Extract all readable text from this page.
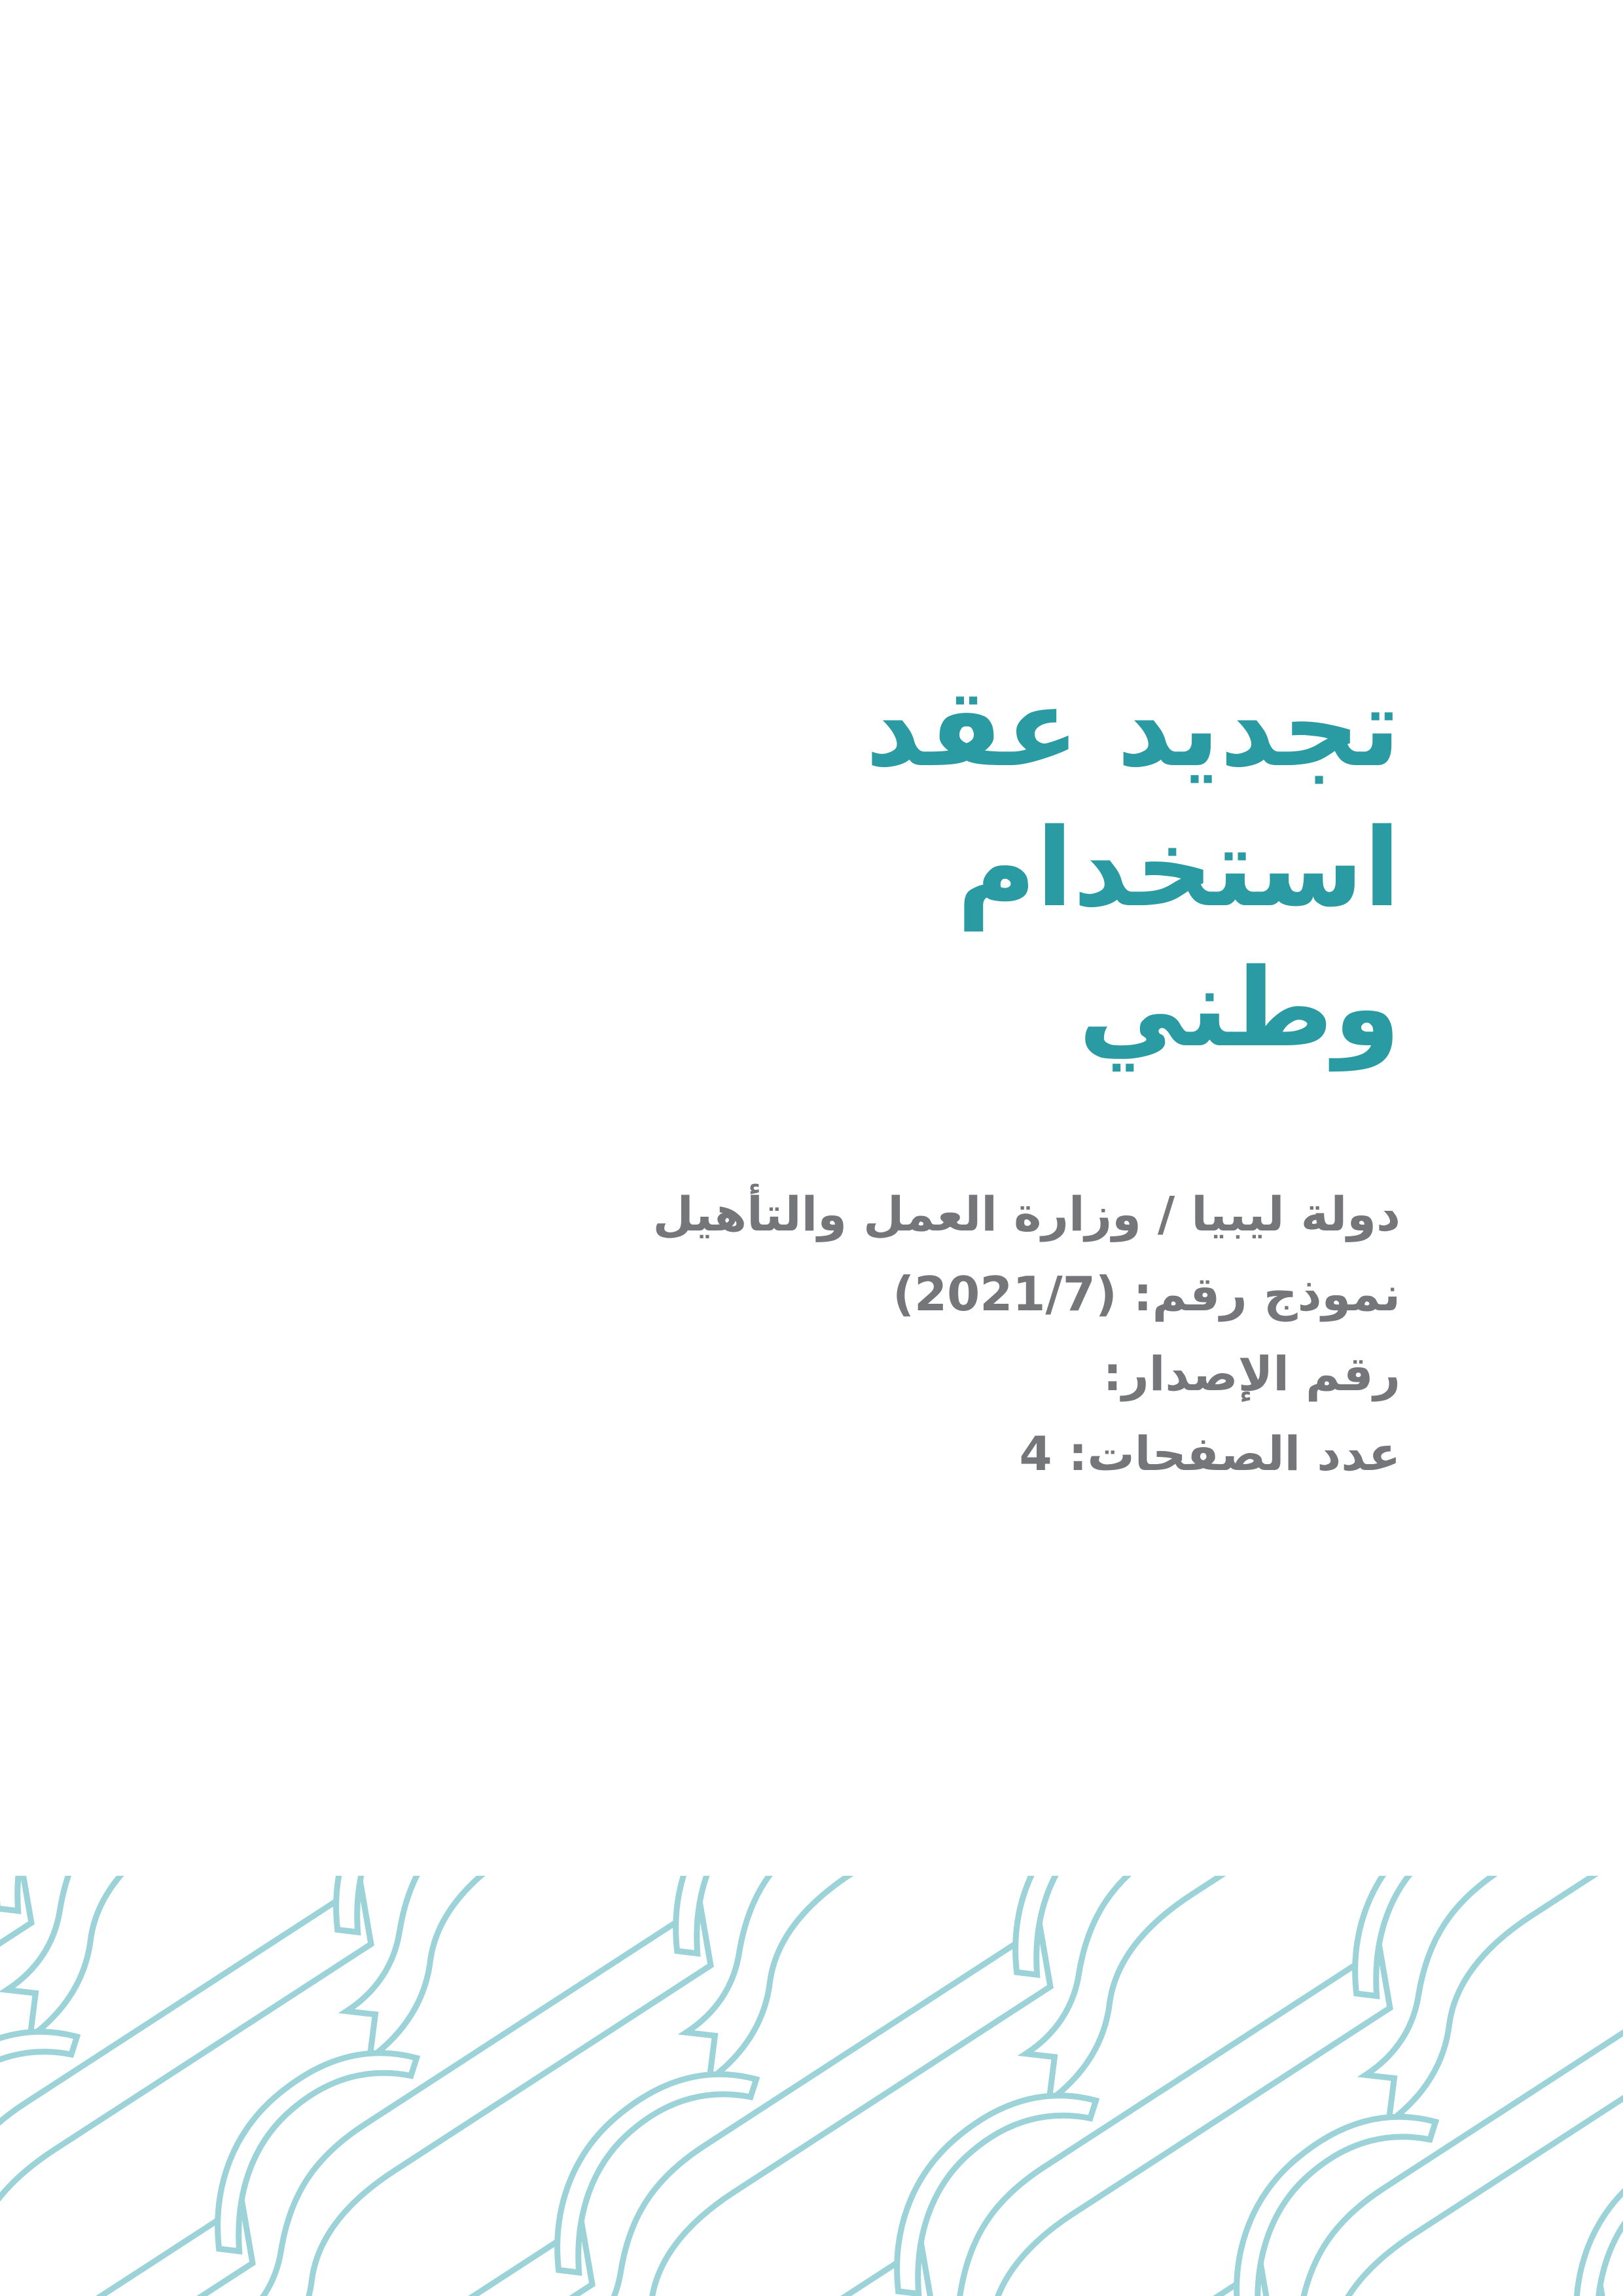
تجديد عقد استخدام
وطني

دولة ليبيا / وزارة العمل والتأهيل

نموذج رقم: (2021/7)

رقم الإصدار:

عدد الصفحات: 4
